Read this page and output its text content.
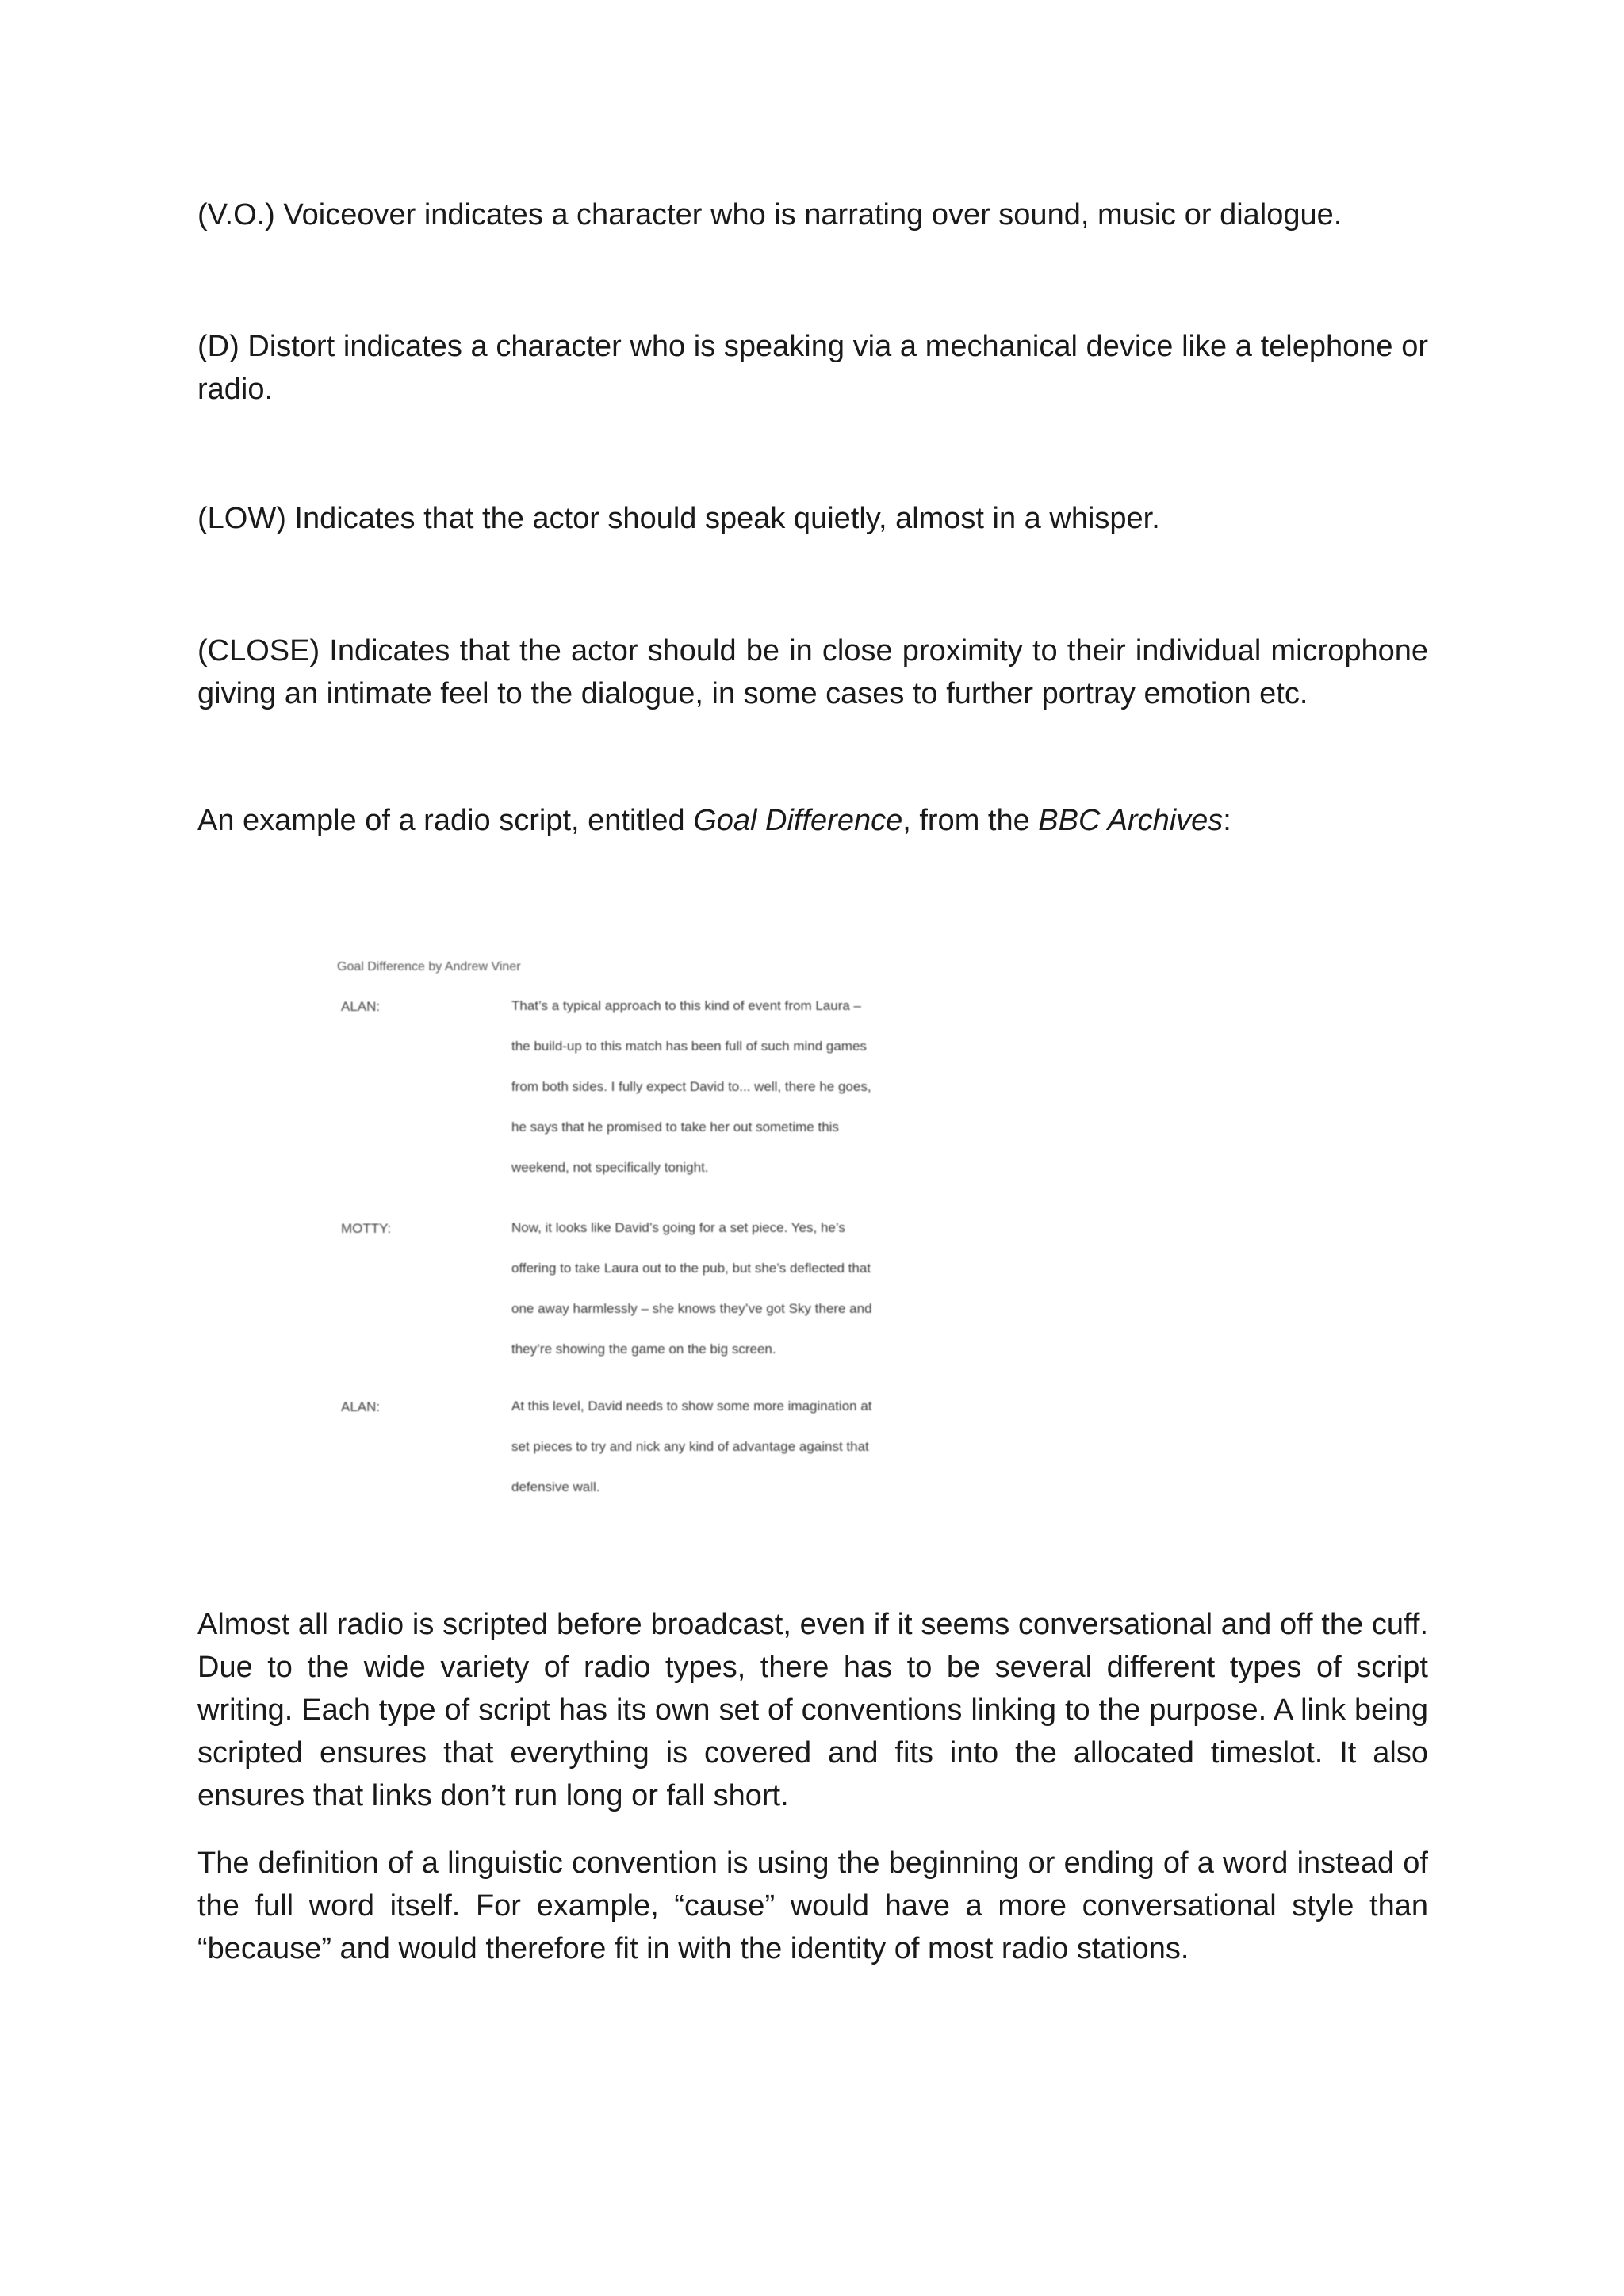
(V.O.) Voiceover indicates a character who is narrating over sound, music or dialogue.

(D) Distort indicates a character who is speaking via a mechanical device like a telephone or radio.

(LOW) Indicates that the actor should speak quietly, almost in a whisper.

(CLOSE) Indicates that the actor should be in close proximity to their individual microphone giving an intimate feel to the dialogue, in some cases to further portray emotion etc.

An example of a radio script, entitled Goal Difference, from the BBC Archives:

Goal Difference by Andrew Viner
ALAN:	That’s a typical approach to this kind of event from Laura –
the build-up to this match has been full of such mind games
from both sides. I fully expect David to... well, there he goes,
he says that he promised to take her out sometime this
weekend, not specifically tonight.
MOTTY:	Now, it looks like David’s going for a set piece. Yes, he’s
offering to take Laura out to the pub, but she’s deflected that
one away harmlessly – she knows they’ve got Sky there and
they’re showing the game on the big screen.
ALAN:	At this level, David needs to show some more imagination at
set pieces to try and nick any kind of advantage against that
defensive wall.

Almost all radio is scripted before broadcast, even if it seems conversational and off the cuff. Due to the wide variety of radio types, there has to be several different types of script writing. Each type of script has its own set of conventions linking to the purpose. A link being scripted ensures that everything is covered and fits into the allocated timeslot. It also ensures that links don’t run long or fall short.

The definition of a linguistic convention is using the beginning or ending of a word instead of the full word itself. For example, “cause” would have a more conversational style than “because” and would therefore fit in with the identity of most radio stations.
